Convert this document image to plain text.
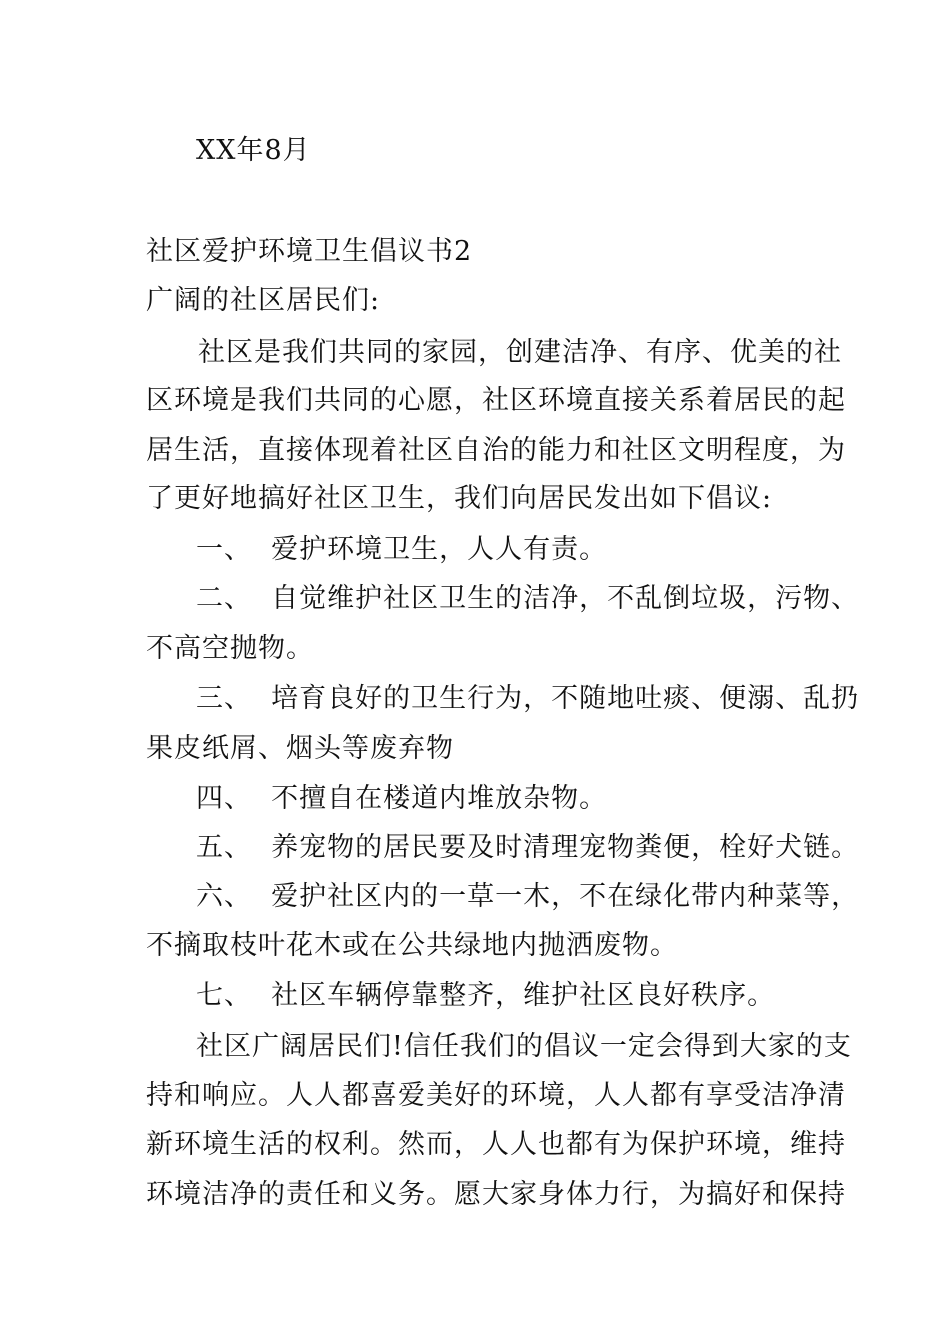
XX年8月
社区爱护环境卫生倡议书2
广阔的社区居民们:
社区是我们共同的家园，创建洁净、有序、优美的社
区环境是我们共同的心愿，社区环境直接关系着居民的起
居生活，直接体现着社区自治的能力和社区文明程度，为
了更好地搞好社区卫生，我们向居民发出如下倡议:
一、  爱护环境卫生，人人有责。
二、  自觉维护社区卫生的洁净，不乱倒垃圾，污物、
不高空抛物。
三、  培育良好的卫生行为，不随地吐痰、便溺、乱扔
果皮纸屑、烟头等废弃物
四、  不擅自在楼道内堆放杂物。
五、  养宠物的居民要及时清理宠物粪便，栓好犬链。
六、  爱护社区内的一草一木，不在绿化带内种菜等，
不摘取枝叶花木或在公共绿地内抛洒废物。
七、  社区车辆停靠整齐，维护社区良好秩序。
社区广阔居民们!信任我们的倡议一定会得到大家的支
持和响应。人人都喜爱美好的环境，人人都有享受洁净清
新环境生活的权利。然而，人人也都有为保护环境，维持
环境洁净的责任和义务。愿大家身体力行，为搞好和保持
